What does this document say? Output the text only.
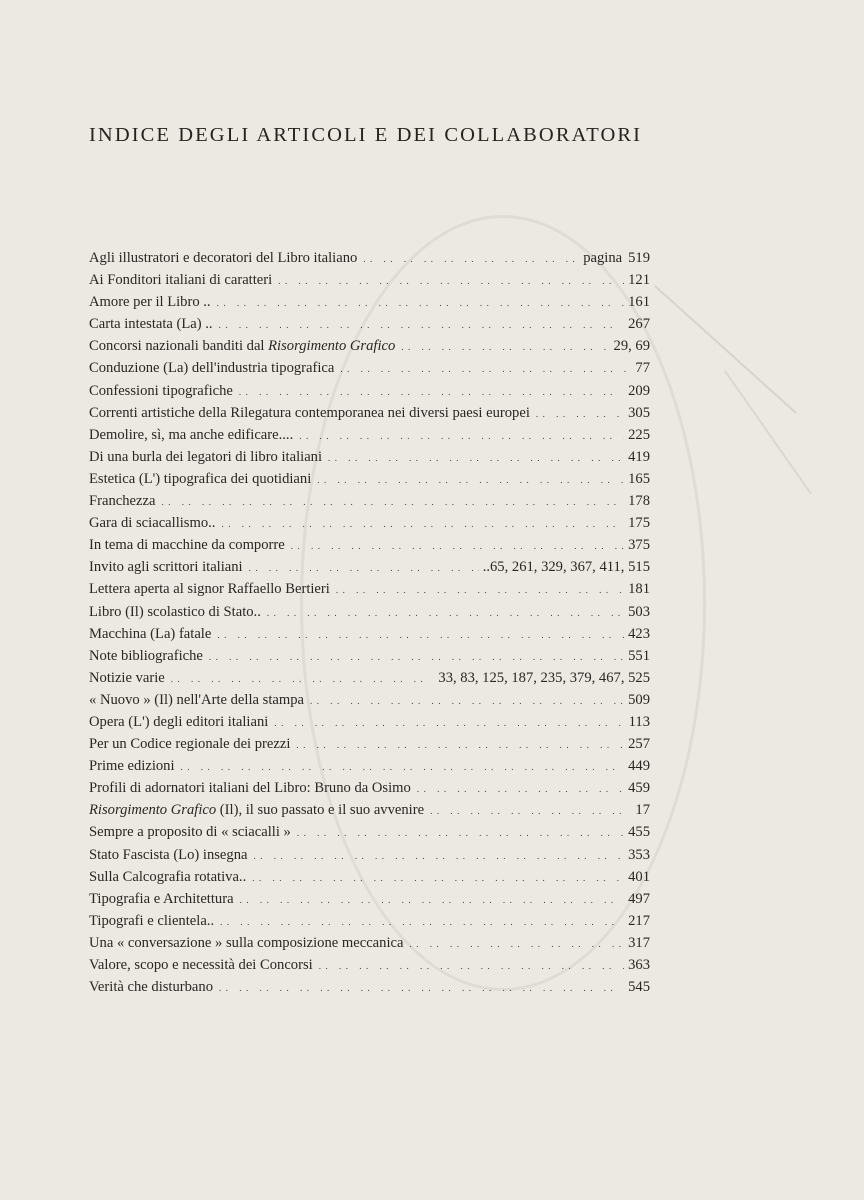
INDICE DEGLI ARTICOLI E DEI COLLABORATORI
Agli illustratori e decoratori del Libro italiano .. ..	pagina 519
Ai Fonditori italiani di caratteri .. ..	121
Amore per il Libro .. .. ..	161
Carta intestata (La) .. .. ..	267
Concorsi nazionali banditi dal Risorgimento Grafico .. ..	29, 69
Conduzione (La) dell'industria tipografica .. ..	77
Confessioni tipografiche .. ..	209
Correnti artistiche della Rilegatura contemporanea nei diversi paesi europei .. ..	305
Demolire, sì, ma anche edificare.... .. ..	225
Di una burla dei legatori di libro italiani .. ..	419
Estetica (L') tipografica dei quotidiani .. ..	165
Franchezza .. ..	178
Gara di sciacallismo.. .. ..	175
In tema di macchine da comporre .. ..	375
Invito agli scrittori italiani .. ..	..65, 261, 329, 367, 411, 515
Lettera aperta al signor Raffaello Bertieri .. ..	181
Libro (Il) scolastico di Stato.. .. ..	503
Macchina (La) fatale .. ..	423
Note bibliografiche .. ..	551
Notizie varie .. ..	33, 83, 125, 187, 235, 379, 467, 525
« Nuovo » (Il) nell'Arte della stampa .. ..	509
Opera (L') degli editori italiani .. ..	113
Per un Codice regionale dei prezzi .. ..	257
Prime edizioni .. ..	449
Profili di adornatori italiani del Libro: Bruno da Osimo .. ..	459
Risorgimento Grafico (Il), il suo passato e il suo avvenire .. ..	17
Sempre a proposito di « sciacalli » .. ..	455
Stato Fascista (Lo) insegna .. ..	353
Sulla Calcografia rotativa.. .. ..	401
Tipografia e Architettura .. ..	497
Tipografi e clientela.. .. ..	217
Una « conversazione » sulla composizione meccanica .. ..	317
Valore, scopo e necessità dei Concorsi .. ..	363
Verità che disturbano .. ..	545
